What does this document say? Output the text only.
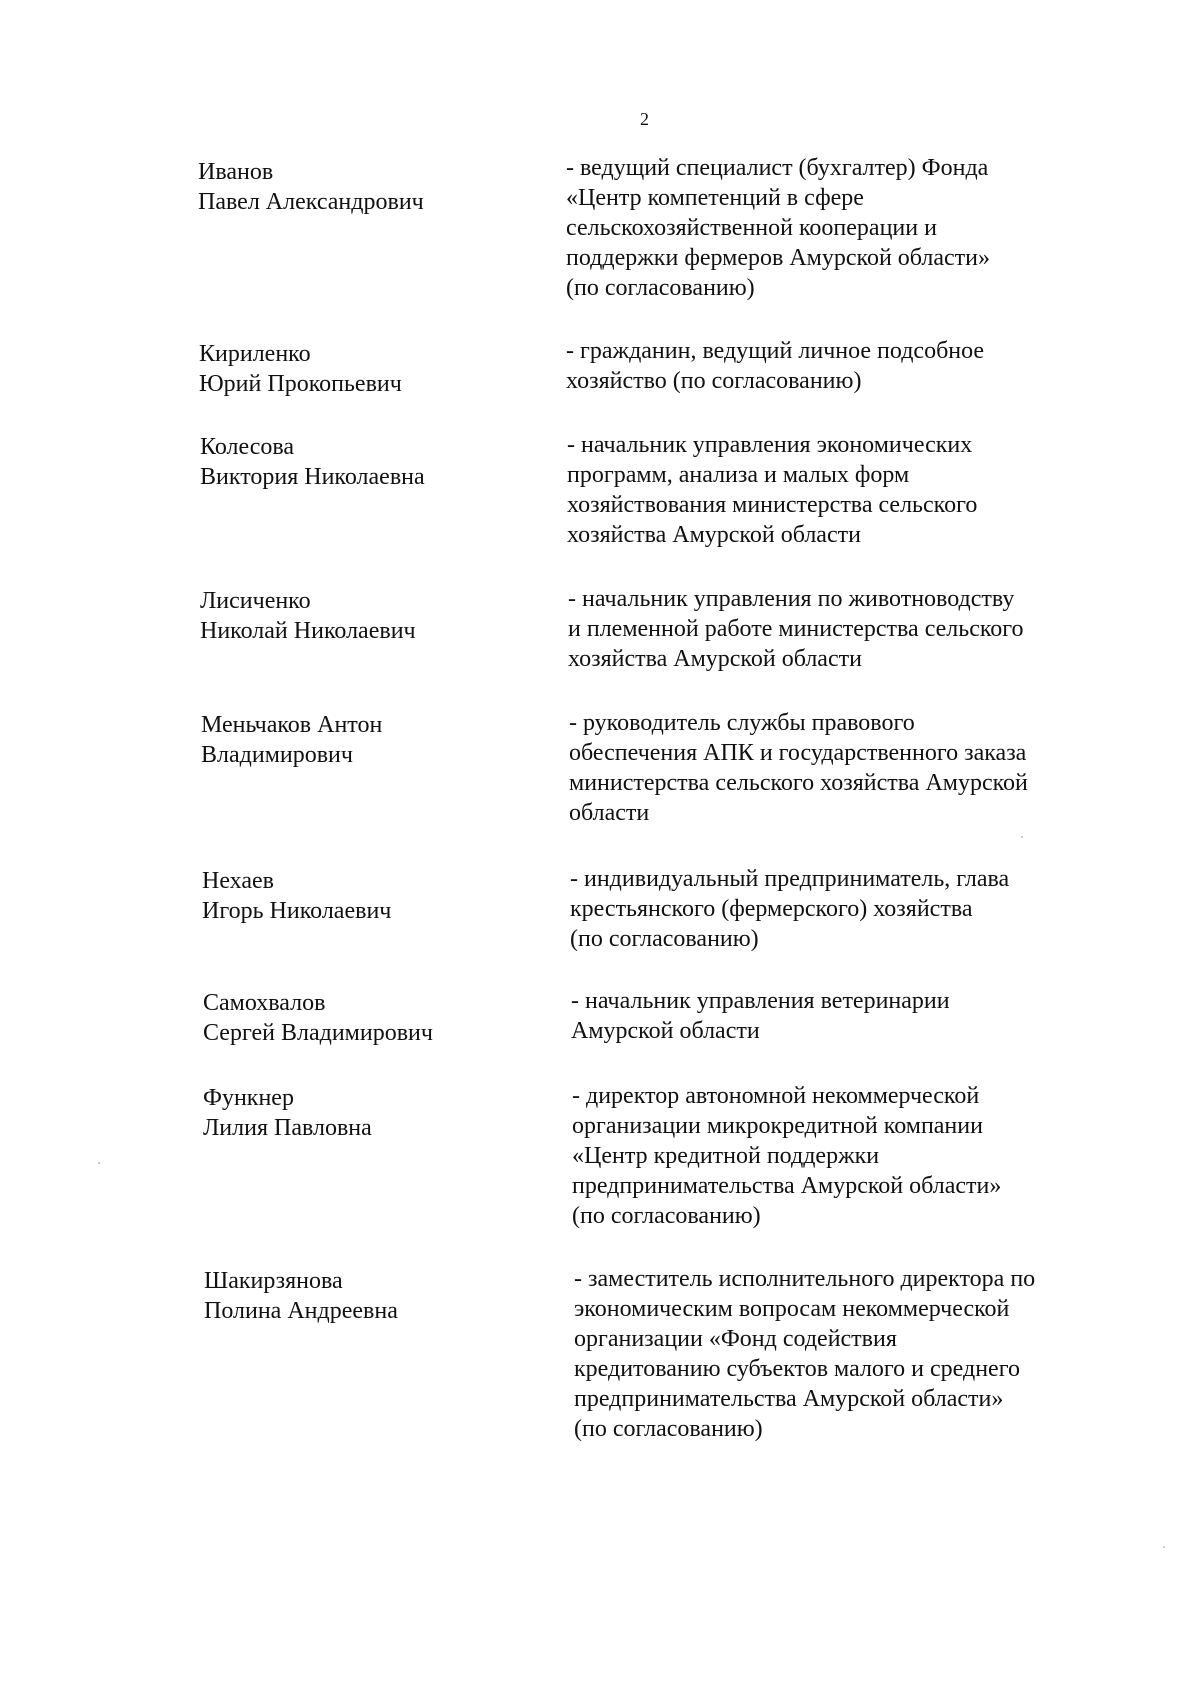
2
Иванов
Павел Александрович
- ведущий специалист (бухгалтер) Фонда
«Центр компетенций в сфере
сельскохозяйственной кооперации и
поддержки фермеров Амурской области»
(по согласованию)
Кириленко
Юрий Прокопьевич
- гражданин, ведущий личное подсобное
хозяйство (по согласованию)
Колесова
Виктория Николаевна
- начальник управления экономических
программ, анализа и малых форм
хозяйствования министерства сельского
хозяйства Амурской области
Лисиченко
Николай Николаевич
- начальник управления по животноводству
и племенной работе министерства сельского
хозяйства Амурской области
Меньчаков Антон
Владимирович
- руководитель службы правового
обеспечения АПК и государственного заказа
министерства сельского хозяйства Амурской
области
Нехаев
Игорь Николаевич
- индивидуальный предприниматель, глава
крестьянского (фермерского) хозяйства
(по согласованию)
Самохвалов
Сергей Владимирович
- начальник управления ветеринарии
Амурской области
Функнер
Лилия Павловна
- директор автономной некоммерческой
организации микрокредитной компании
«Центр кредитной поддержки
предпринимательства Амурской области»
(по согласованию)
Шакирзянова
Полина Андреевна
- заместитель исполнительного директора по
экономическим вопросам некоммерческой
организации «Фонд содействия
кредитованию субъектов малого и среднего
предпринимательства Амурской области»
(по согласованию)
